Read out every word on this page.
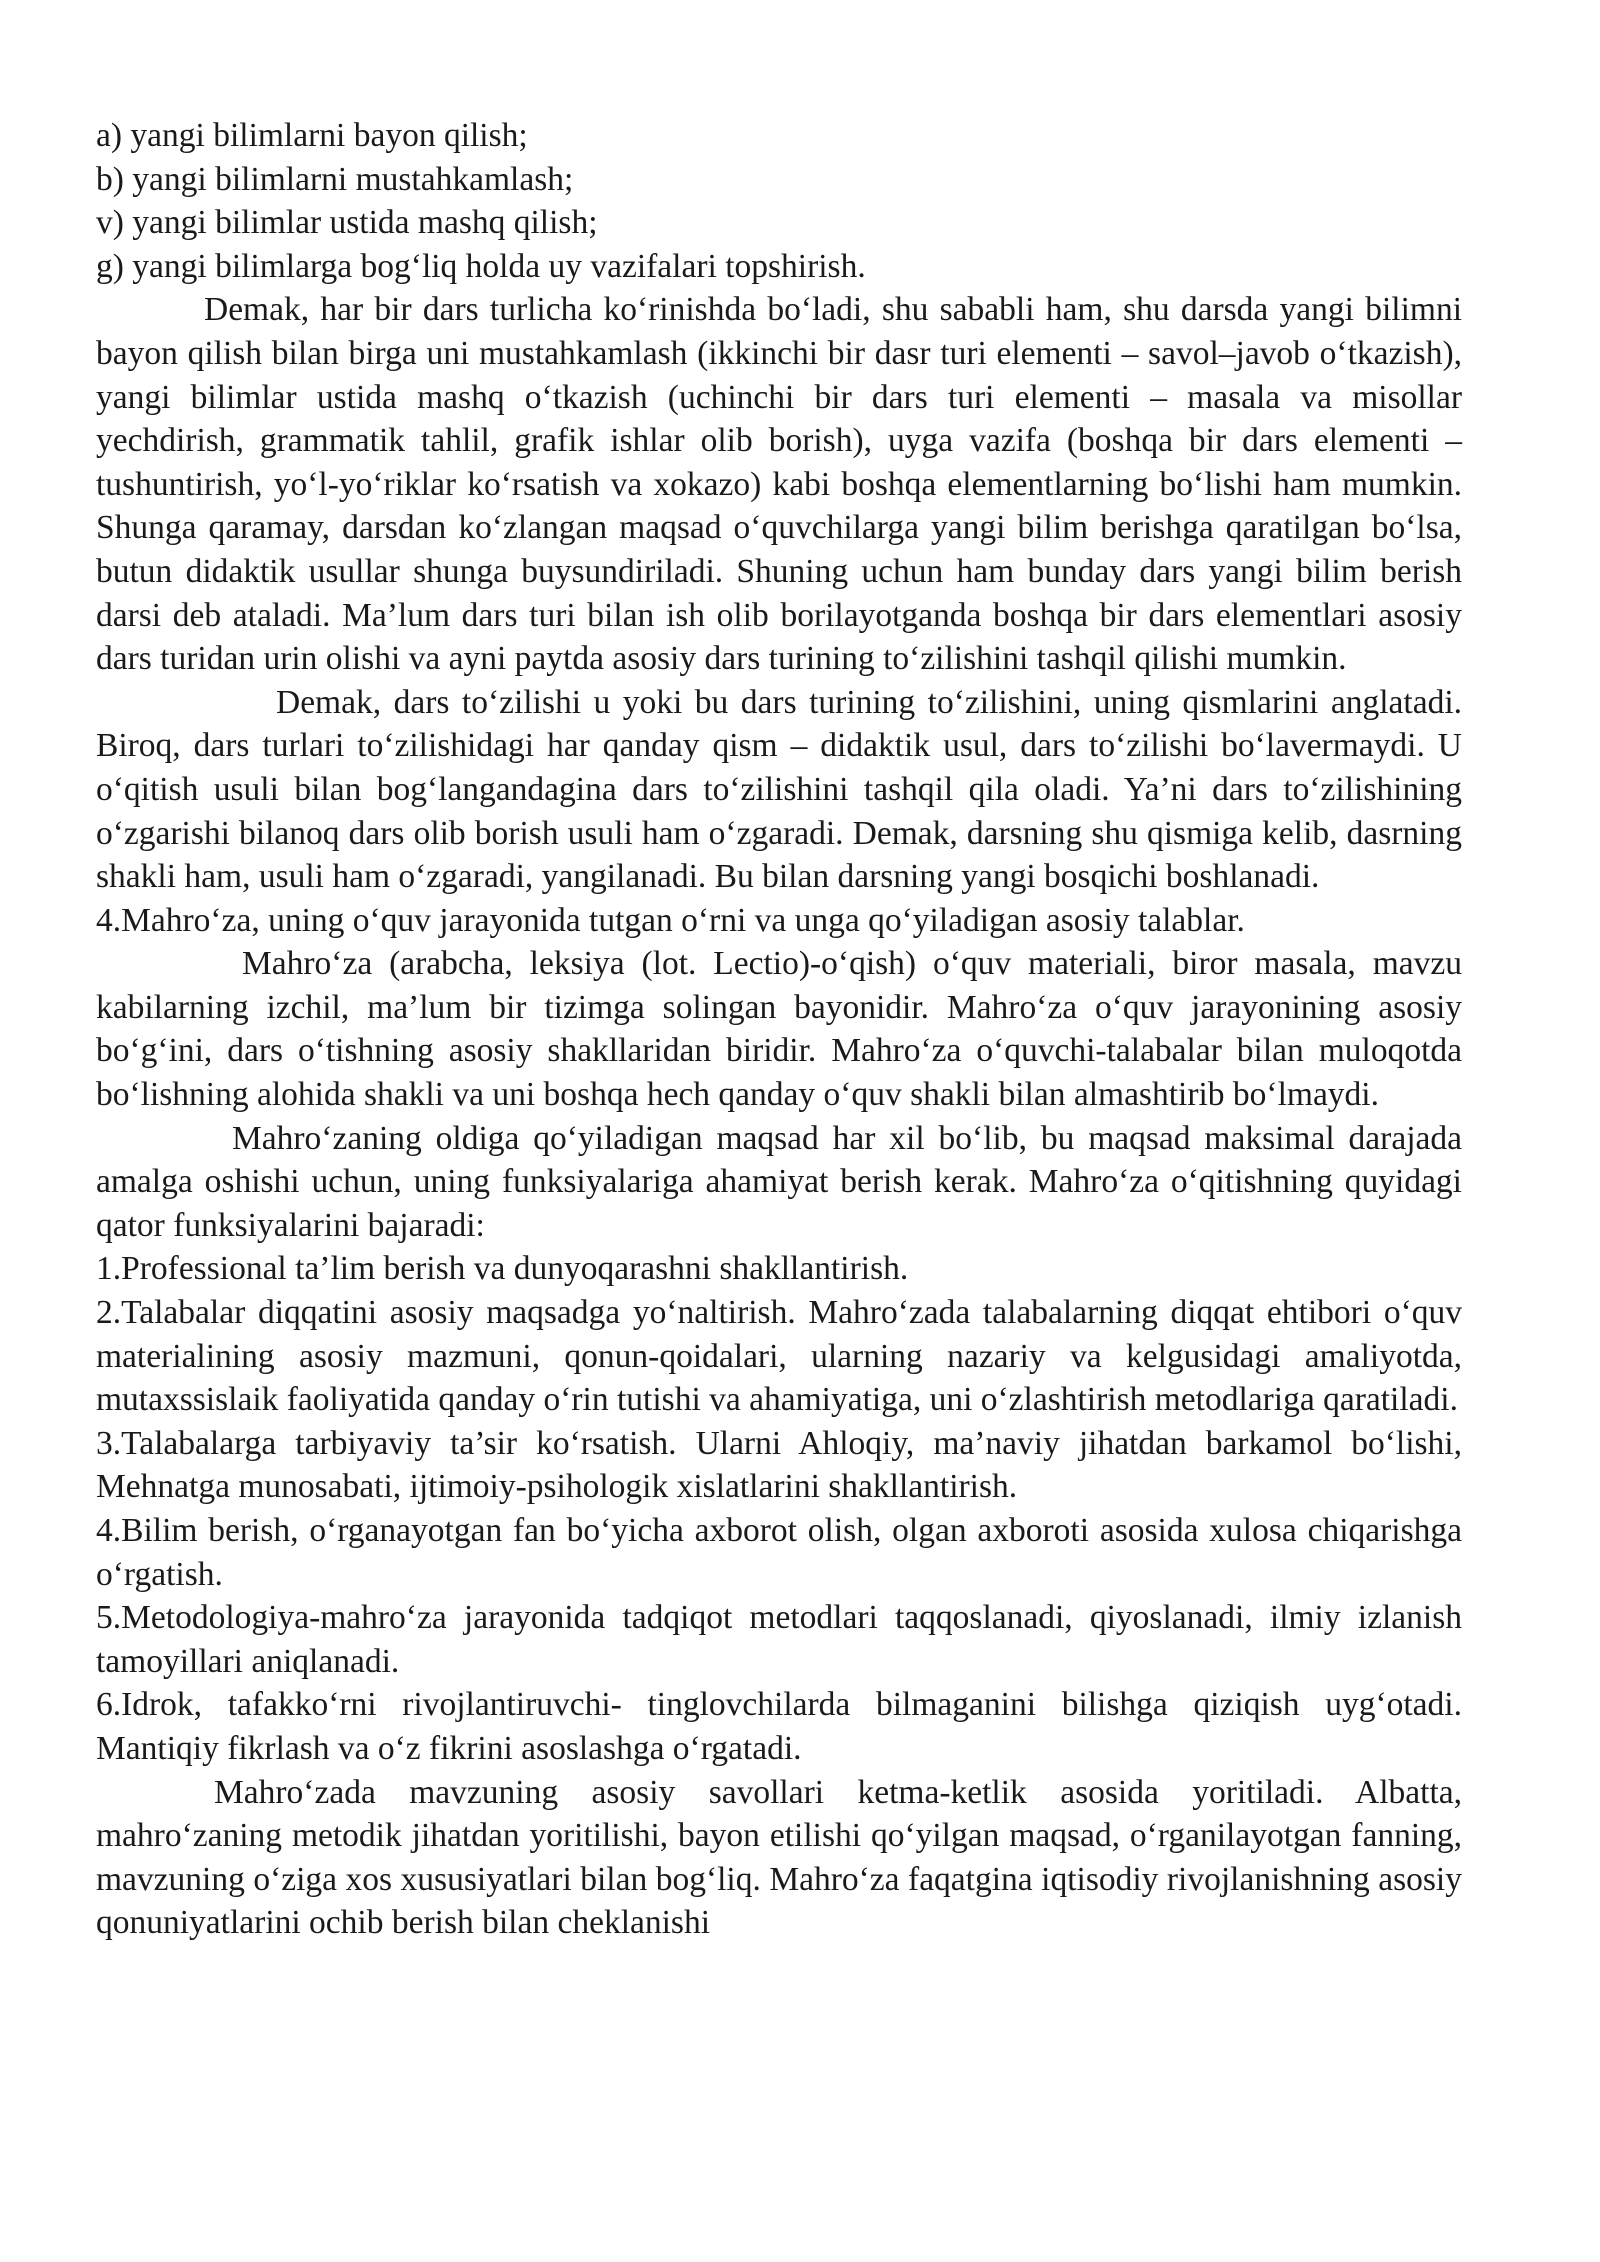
a) yangi bilimlarni bayon qilish;

b) yangi bilimlarni mustahkamlash;

v) yangi bilimlar ustida mashq qilish;

g) yangi bilimlarga bog‘liq holda uy vazifalari topshirish.

Demak, har bir dars turlicha ko‘rinishda bo‘ladi, shu sababli ham, shu darsda yangi bilimni bayon qilish bilan birga uni mustahkamlash (ikkinchi bir dasr turi elementi – savol–javob o‘tkazish), yangi bilimlar ustida mashq o‘tkazish (uchinchi bir dars turi elementi – masala va misollar yechdirish, grammatik tahlil, grafik ishlar olib borish), uyga vazifa (boshqa bir dars elementi – tushuntirish, yo‘l-yo‘riklar ko‘rsatish va xokazo) kabi boshqa elementlarning bo‘lishi ham mumkin. Shunga qaramay, darsdan ko‘zlangan maqsad o‘quvchilarga yangi bilim berishga qaratilgan bo‘lsa, butun didaktik usullar shunga buysundiriladi. Shuning uchun ham bunday dars yangi bilim berish darsi deb ataladi. Ma’lum dars turi bilan ish olib borilayotganda boshqa bir dars elementlari asosiy dars turidan urin olishi va ayni paytda asosiy dars turining to‘zilishini tashqil qilishi mumkin.

Demak, dars to‘zilishi u yoki bu dars turining to‘zilishini, uning qismlarini anglatadi. Biroq, dars turlari to‘zilishidagi har qanday qism – didaktik usul, dars to‘zilishi bo‘lavermaydi. U o‘qitish usuli bilan bog‘langandagina dars to‘zilishini tashqil qila oladi. Ya’ni dars to‘zilishining o‘zgarishi bilanoq dars olib borish usuli ham o‘zgaradi. Demak, darsning shu qismiga kelib, dasrning shakli ham, usuli ham o‘zgaradi, yangilanadi. Bu bilan darsning yangi bosqichi boshlanadi.

4.Mahro‘za, uning o‘quv jarayonida tutgan o‘rni va unga qo‘yiladigan asosiy talablar.

Mahro‘za (arabcha, leksiya (lot. Lectio)-o‘qish) o‘quv materiali, biror masala, mavzu kabilarning izchil, ma’lum bir tizimga solingan bayonidir. Mahro‘za o‘quv jarayonining asosiy bo‘g‘ini, dars o‘tishning asosiy shakllaridan biridir. Mahro‘za o‘quvchi-talabalar bilan muloqotda bo‘lishning alohida shakli va uni boshqa hech qanday o‘quv shakli bilan almashtirib bo‘lmaydi.

Mahro‘zaning oldiga qo‘yiladigan maqsad har xil bo‘lib, bu maqsad maksimal darajada amalga oshishi uchun, uning funksiyalariga ahamiyat berish kerak. Mahro‘za o‘qitishning quyidagi qator funksiyalarini bajaradi:

1.Professional ta’lim berish va dunyoqarashni shakllantirish.

2.Talabalar diqqatini asosiy maqsadga yo‘naltirish. Mahro‘zada talabalarning diqqat ehtibori o‘quv materialining asosiy mazmuni, qonun-qoidalari, ularning nazariy va kelgusidagi amaliyotda, mutaxssislaik faoliyatida qanday o‘rin tutishi va ahamiyatiga, uni o‘zlashtirish metodlariga qaratiladi.

3.Talabalarga tarbiyaviy ta’sir ko‘rsatish. Ularni Ahloqiy, ma’naviy jihatdan barkamol bo‘lishi, Mehnatga munosabati, ijtimoiy-psihologik xislatlarini shakllantirish.

4.Bilim berish, o‘rganayotgan fan bo‘yicha axborot olish, olgan axboroti asosida xulosa chiqarishga o‘rgatish.

5.Metodologiya-mahro‘za jarayonida tadqiqot metodlari taqqoslanadi, qiyoslanadi, ilmiy izlanish tamoyillari aniqlanadi.

6.Idrok, tafakko‘rni rivojlantiruvchi- tinglovchilarda bilmaganini bilishga qiziqish uyg‘otadi. Mantiqiy fikrlash va o‘z fikrini asoslashga o‘rgatadi.

Mahro‘zada mavzuning asosiy savollari ketma-ketlik asosida yoritiladi. Albatta, mahro‘zaning metodik jihatdan yoritilishi, bayon etilishi qo‘yilgan maqsad, o‘rganilayotgan fanning, mavzuning o‘ziga xos xususiyatlari bilan bog‘liq. Mahro‘za faqatgina iqtisodiy rivojlanishning asosiy qonuniyatlarini ochib berish bilan cheklanishi
